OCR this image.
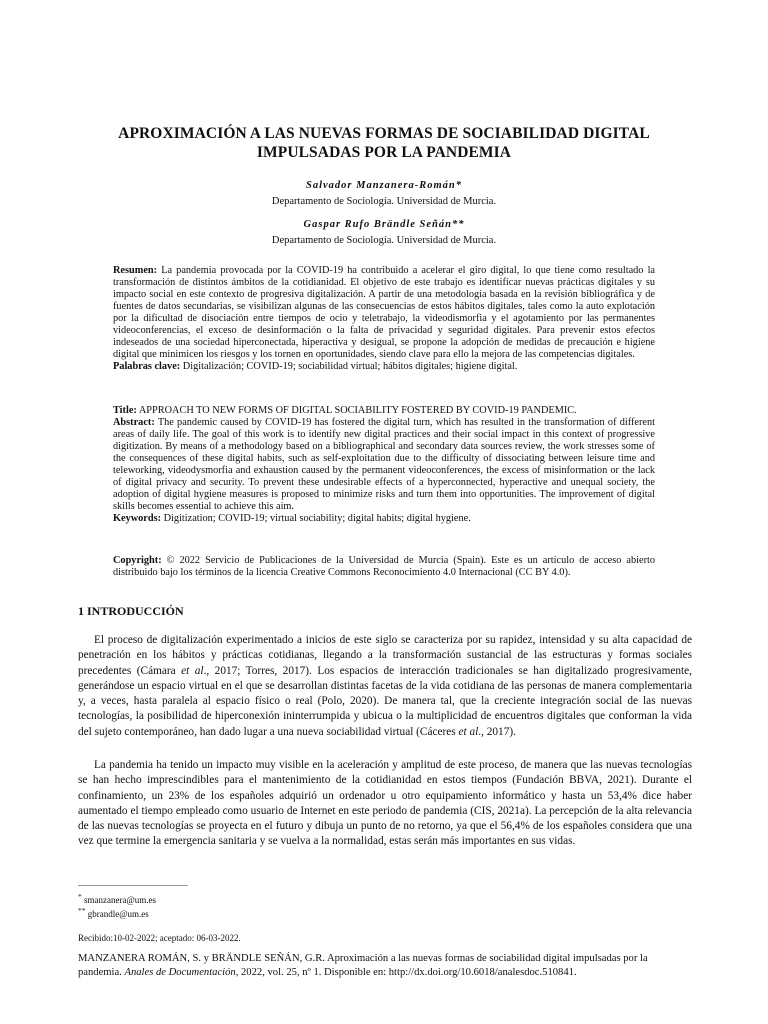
APROXIMACIÓN A LAS NUEVAS FORMAS DE SOCIABILIDAD DIGITAL
IMPULSADAS POR LA PANDEMIA
Salvador Manzanera-Román*
Departamento de Sociología. Universidad de Murcia.
Gaspar Rufo Brändle Señán**
Departamento de Sociología. Universidad de Murcia.
Resumen: La pandemia provocada por la COVID-19 ha contribuido a acelerar el giro digital, lo que tiene como resultado la transformación de distintos ámbitos de la cotidianidad. El objetivo de este trabajo es identificar nuevas prácticas digitales y su impacto social en este contexto de progresiva digitalización. A partir de una metodología basada en la revisión bibliográfica y de fuentes de datos secundarias, se visibilizan algunas de las consecuencias de estos hábitos digitales, tales como la auto explotación por la dificultad de disociación entre tiempos de ocio y teletrabajo, la videodismorfia y el agotamiento por las permanentes videoconferencias, el exceso de desinformación o la falta de privacidad y seguridad digitales. Para prevenir estos efectos indeseados de una sociedad hiperconectada, hiperactiva y desigual, se propone la adopción de medidas de precaución e higiene digital que minimicen los riesgos y los tornen en oportunidades, siendo clave para ello la mejora de las competencias digitales.
Palabras clave: Digitalización; COVID-19; sociabilidad virtual; hábitos digitales; higiene digital.
Title: APPROACH TO NEW FORMS OF DIGITAL SOCIABILITY FOSTERED BY COVID-19 PANDEMIC.
Abstract: The pandemic caused by COVID-19 has fostered the digital turn, which has resulted in the transformation of different areas of daily life. The goal of this work is to identify new digital practices and their social impact in this context of progressive digitization. By means of a methodology based on a bibliographical and secondary data sources review, the work stresses some of the consequences of these digital habits, such as self-exploitation due to the difficulty of dissociating between leisure time and teleworking, videodysmorfia and exhaustion caused by the permanent videoconferences, the excess of misinformation or the lack of digital privacy and security. To prevent these undesirable effects of a hyperconnected, hyperactive and unequal society, the adoption of digital hygiene measures is proposed to minimize risks and turn them into opportunities. The improvement of digital skills becomes essential to achieve this aim.
Keywords: Digitization; COVID-19; virtual sociability; digital habits; digital hygiene.
Copyright: © 2022 Servicio de Publicaciones de la Universidad de Murcia (Spain). Este es un artículo de acceso abierto distribuido bajo los términos de la licencia Creative Commons Reconocimiento 4.0 Internacional (CC BY 4.0).
1 INTRODUCCIÓN
El proceso de digitalización experimentado a inicios de este siglo se caracteriza por su rapidez, intensidad y su alta capacidad de penetración en los hábitos y prácticas cotidianas, llegando a la transformación sustancial de las estructuras y formas sociales precedentes (Cámara et al., 2017; Torres, 2017). Los espacios de interacción tradicionales se han digitalizado progresivamente, generándose un espacio virtual en el que se desarrollan distintas facetas de la vida cotidiana de las personas de manera complementaria y, a veces, hasta paralela al espacio físico o real (Polo, 2020). De manera tal, que la creciente integración social de las nuevas tecnologías, la posibilidad de hiperconexión ininterrumpida y ubicua o la multiplicidad de encuentros digitales que conforman la vida del sujeto contemporáneo, han dado lugar a una nueva sociabilidad virtual (Cáceres et al., 2017).
La pandemia ha tenido un impacto muy visible en la aceleración y amplitud de este proceso, de manera que las nuevas tecnologías se han hecho imprescindibles para el mantenimiento de la cotidianidad en estos tiempos (Fundación BBVA, 2021). Durante el confinamiento, un 23% de los españoles adquirió un ordenador u otro equipamiento informático y hasta un 53,4% dice haber aumentado el tiempo empleado como usuario de Internet en este periodo de pandemia (CIS, 2021a). La percepción de la alta relevancia de las nuevas tecnologías se proyecta en el futuro y dibuja un punto de no retorno, ya que el 56,4% de los españoles considera que una vez que termine la emergencia sanitaria y se vuelva a la normalidad, estas serán más importantes en sus vidas.
* smanzanera@um.es
** gbrandle@um.es
Recibido:10-02-2022; aceptado: 06-03-2022.
MANZANERA ROMÁN, S. y BRÄNDLE SEÑÁN, G.R. Aproximación a las nuevas formas de sociabilidad digital impulsadas por la pandemia. Anales de Documentación, 2022, vol. 25, nº 1. Disponible en: http://dx.doi.org/10.6018/analesdoc.510841.
